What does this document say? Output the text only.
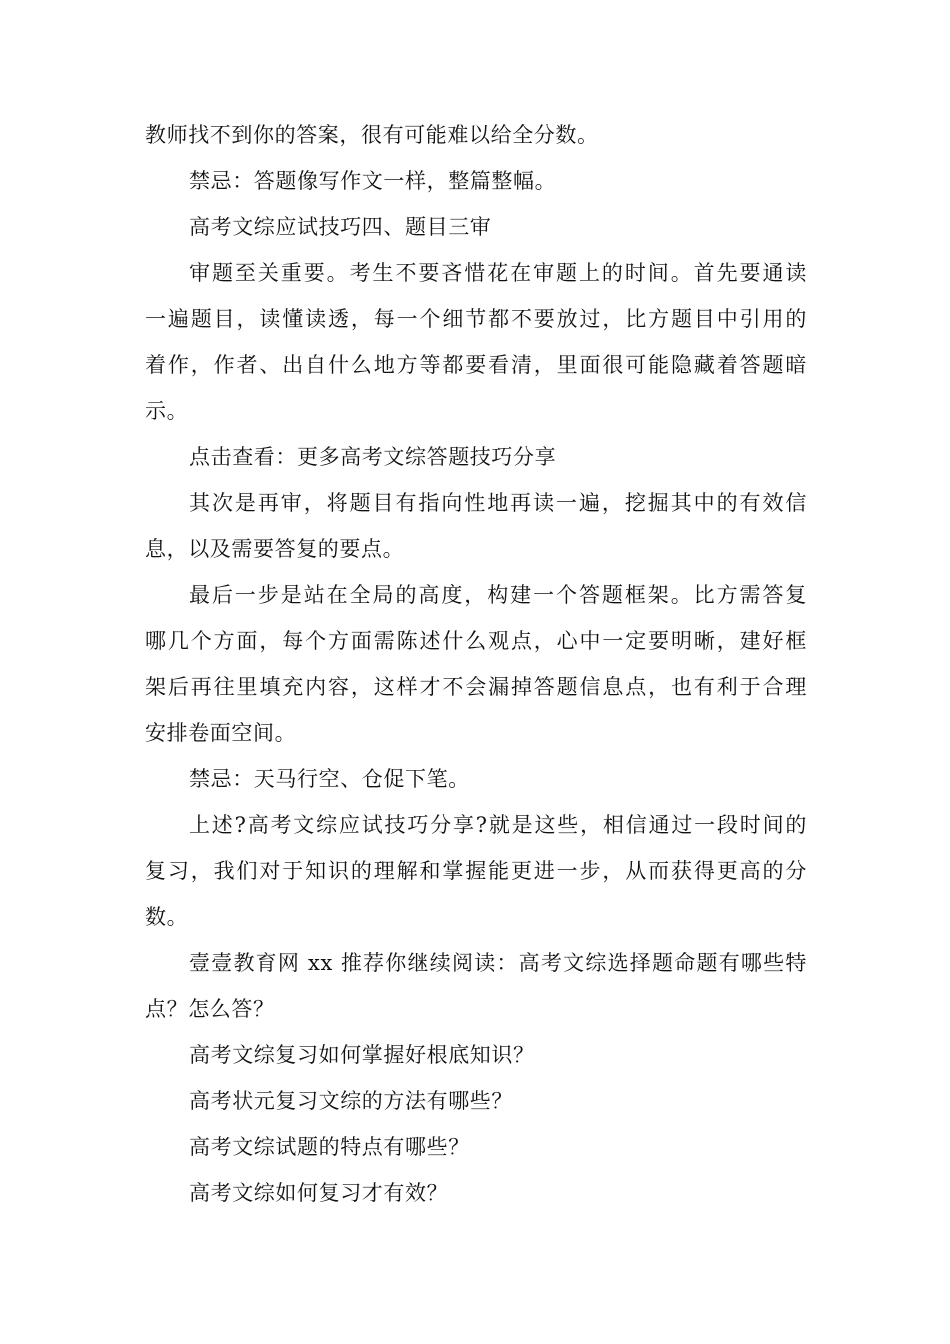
教师找不到你的答案，很有可能难以给全分数。
禁忌：答题像写作文一样，整篇整幅。
高考文综应试技巧四、题目三审
审题至关重要。考生不要吝惜花在审题上的时间。首先要通读
一遍题目，读懂读透，每一个细节都不要放过，比方题目中引用的
着作，作者、出自什么地方等都要看清，里面很可能隐藏着答题暗
示。
点击查看：更多高考文综答题技巧分享
其次是再审，将题目有指向性地再读一遍，挖掘其中的有效信
息，以及需要答复的要点。
最后一步是站在全局的高度，构建一个答题框架。比方需答复
哪几个方面，每个方面需陈述什么观点，心中一定要明晰，建好框
架后再往里填充内容，这样才不会漏掉答题信息点，也有利于合理
安排卷面空间。
禁忌：天马行空、仓促下笔。
上述?高考文综应试技巧分享?就是这些，相信通过一段时间的
复习，我们对于知识的理解和掌握能更进一步，从而获得更高的分
数。
壹壹教育网 xx 推荐你继续阅读：高考文综选择题命题有哪些特
点？怎么答？
高考文综复习如何掌握好根底知识？
高考状元复习文综的方法有哪些？
高考文综试题的特点有哪些？
高考文综如何复习才有效？
